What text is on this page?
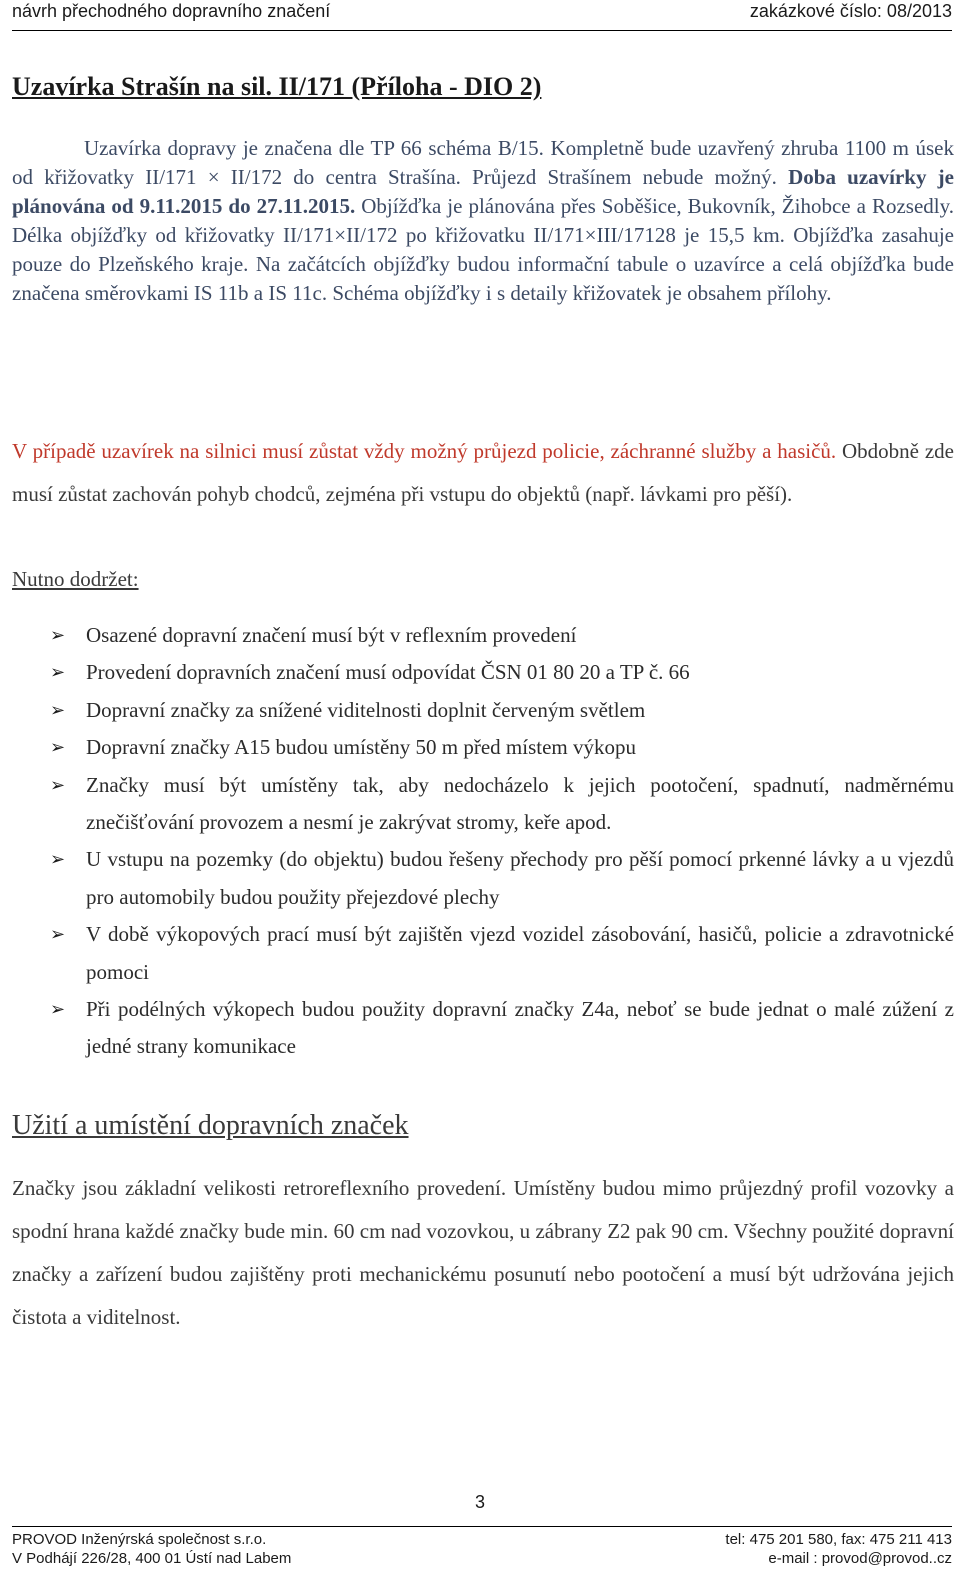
návrh přechodného dopravního značení	zakázkové číslo: 08/2013
Uzavírka Strašín na sil. II/171 (Příloha - DIO 2)
Uzavírka dopravy je značena dle TP 66 schéma B/15. Kompletně bude uzavřený zhruba 1100 m úsek od křižovatky II/171 × II/172 do centra Strašína. Průjezd Strašínem nebude možný. Doba uzavírky je plánována od 9.11.2015 do 27.11.2015. Objížďka je plánována přes Soběšice, Bukovník, Žihobce a Rozsedly. Délka objížďky od křižovatky II/171×II/172 po křižovatku II/171×III/17128 je 15,5 km. Objížďka zasahuje pouze do Plzeňského kraje. Na začátcích objížďky budou informační tabule o uzavírce a celá objížďka bude značena směrovkami IS 11b a IS 11c. Schéma objížďky i s detaily křižovatek je obsahem přílohy.
V případě uzavírek na silnici musí zůstat vždy možný průjezd policie, záchranné služby a hasičů. Obdobně zde musí zůstat zachován pohyb chodců, zejména při vstupu do objektů (např. lávkami pro pěší).
Nutno dodržet:
➢ Osazené dopravní značení musí být v reflexním provedení
➢ Provedení dopravních značení musí odpovídat ČSN 01 80 20 a TP č. 66
➢ Dopravní značky za snížené viditelnosti doplnit červeným světlem
➢ Dopravní značky A15 budou umístěny 50 m před místem výkopu
➢ Značky musí být umístěny tak, aby nedocházelo k jejich pootočení, spadnutí, nadměrnému znečišťování provozem a nesmí je zakrývat stromy, keře apod.
➢ U vstupu na pozemky (do objektu) budou řešeny přechody pro pěší pomocí prkenné lávky a u vjezdů pro automobily budou použity přejezdové plechy
➢ V době výkopových prací musí být zajištěn vjezd vozidel zásobování, hasičů, policie a zdravotnické pomoci
➢ Při podélných výkopech budou použity dopravní značky Z4a, neboť se bude jednat o malé zúžení z jedné strany komunikace
Užití a umístění dopravních značek
Značky jsou základní velikosti retroreflexního provedení. Umístěny budou mimo průjezdný profil vozovky a spodní hrana každé značky bude min. 60 cm nad vozovkou, u zábrany Z2 pak 90 cm. Všechny použité dopravní značky a zařízení budou zajištěny proti mechanickému posunutí nebo pootočení a musí být udržována jejich čistota a viditelnost.
3
PROVOD Inženýrská společnost s.r.o.
V Podhájí 226/28, 400 01 Ústí nad Labem
tel: 475 201 580, fax: 475 211 413
e-mail : provod@provod..cz
